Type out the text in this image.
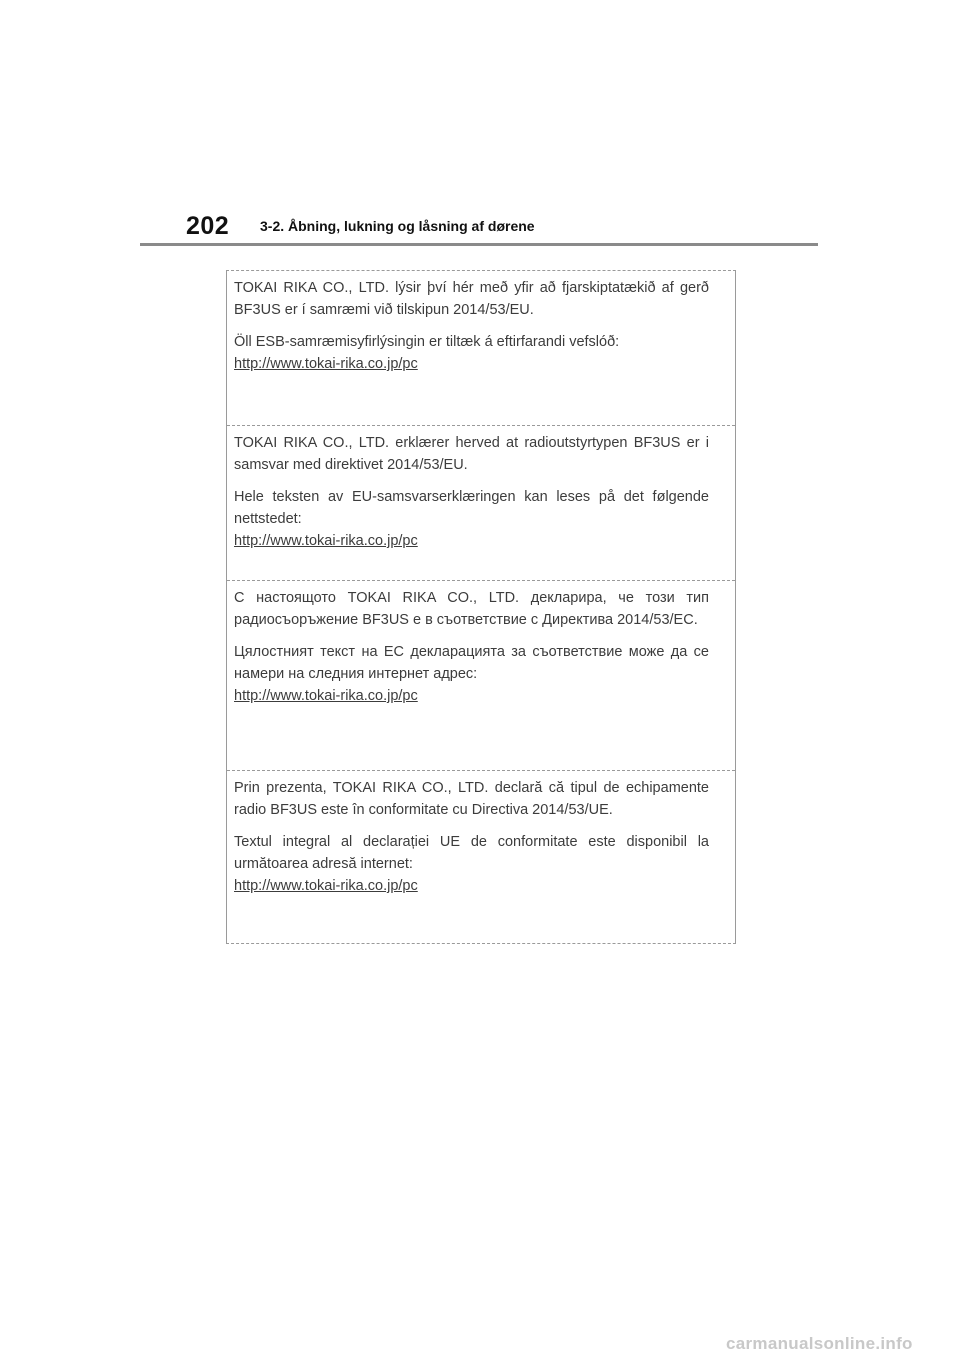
202 3-2. Åbning, lukning og låsning af dørene

TOKAI RIKA CO., LTD. lýsir því hér með yfir að fjarskiptatækið af gerð BF3US er í samræmi við tilskipun 2014/53/EU.

Öll ESB-samræmisyfirlýsingin er tiltæk á eftirfarandi vefslóð:

http://www.tokai-rika.co.jp/pc

TOKAI RIKA CO., LTD. erklærer herved at radioutstyrtypen BF3US er i samsvar med direktivet 2014/53/EU.

Hele teksten av EU-samsvarserklæringen kan leses på det følgende nettstedet:

http://www.tokai-rika.co.jp/pc

С настоящото TOKAI RIKA CO., LTD. декларира, че този тип радиосъоръжение BF3US е в съответствие с Директива 2014/53/ЕС.

Цялостният текст на ЕС декларацията за съответствие може да се намери на следния интернет адрес:

http://www.tokai-rika.co.jp/pc

Prin prezenta, TOKAI RIKA CO., LTD. declară că tipul de echipamente radio BF3US este în conformitate cu Directiva 2014/53/UE.

Textul integral al declarației UE de conformitate este disponibil la următoarea adresă internet:

http://www.tokai-rika.co.jp/pc
carmanualsonline.info
